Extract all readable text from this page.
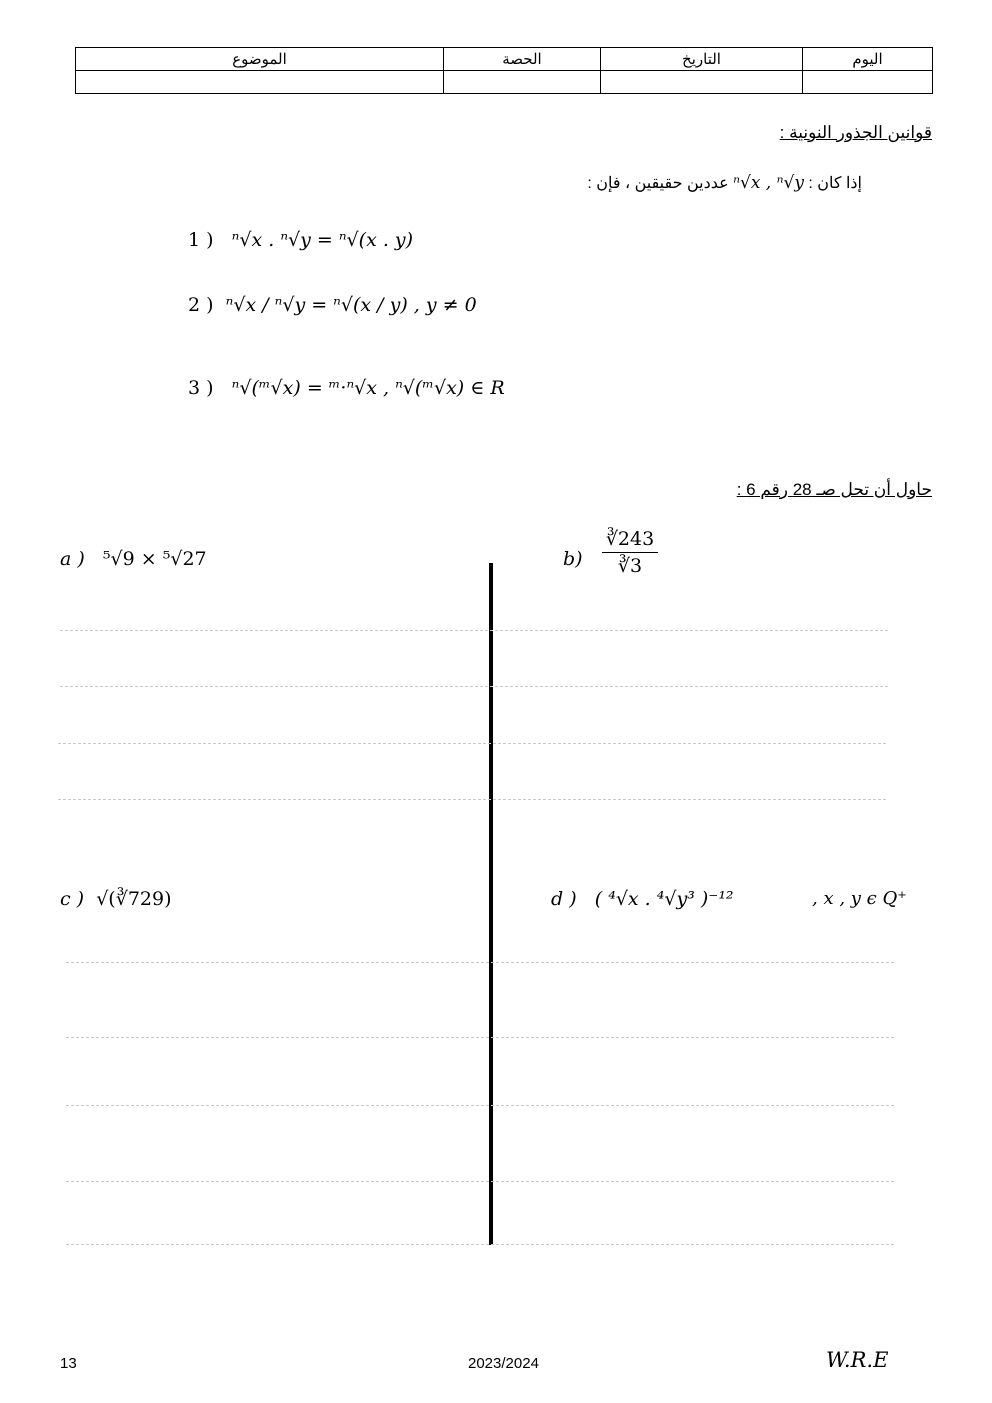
الموضوع	الحصة	التاريخ	اليوم

قوانين الجذور النونية :
إذا كان : ⁿ√x , ⁿ√y عددين حقيقين ، فإن :
1 ) ⁿ√x . ⁿ√y = ⁿ√(x . y)
2 ) ⁿ√x / ⁿ√y = ⁿ√(x / y) , y ≠ 0
3 ) ⁿ√(ᵐ√x) = ᵐ·ⁿ√x , ⁿ√(ᵐ√x) ∈ R
حاول أن تحل صـ 28 رقم 6 :
a ) ⁵√9 × ⁵√27	$b) \frac{∛243}{∛3}$
c ) √(∛729)	d ) ( ⁴√x . ⁴√y³ )⁻¹²	, x , y ϵ Q⁺
13	2023/2024	W.R.E
